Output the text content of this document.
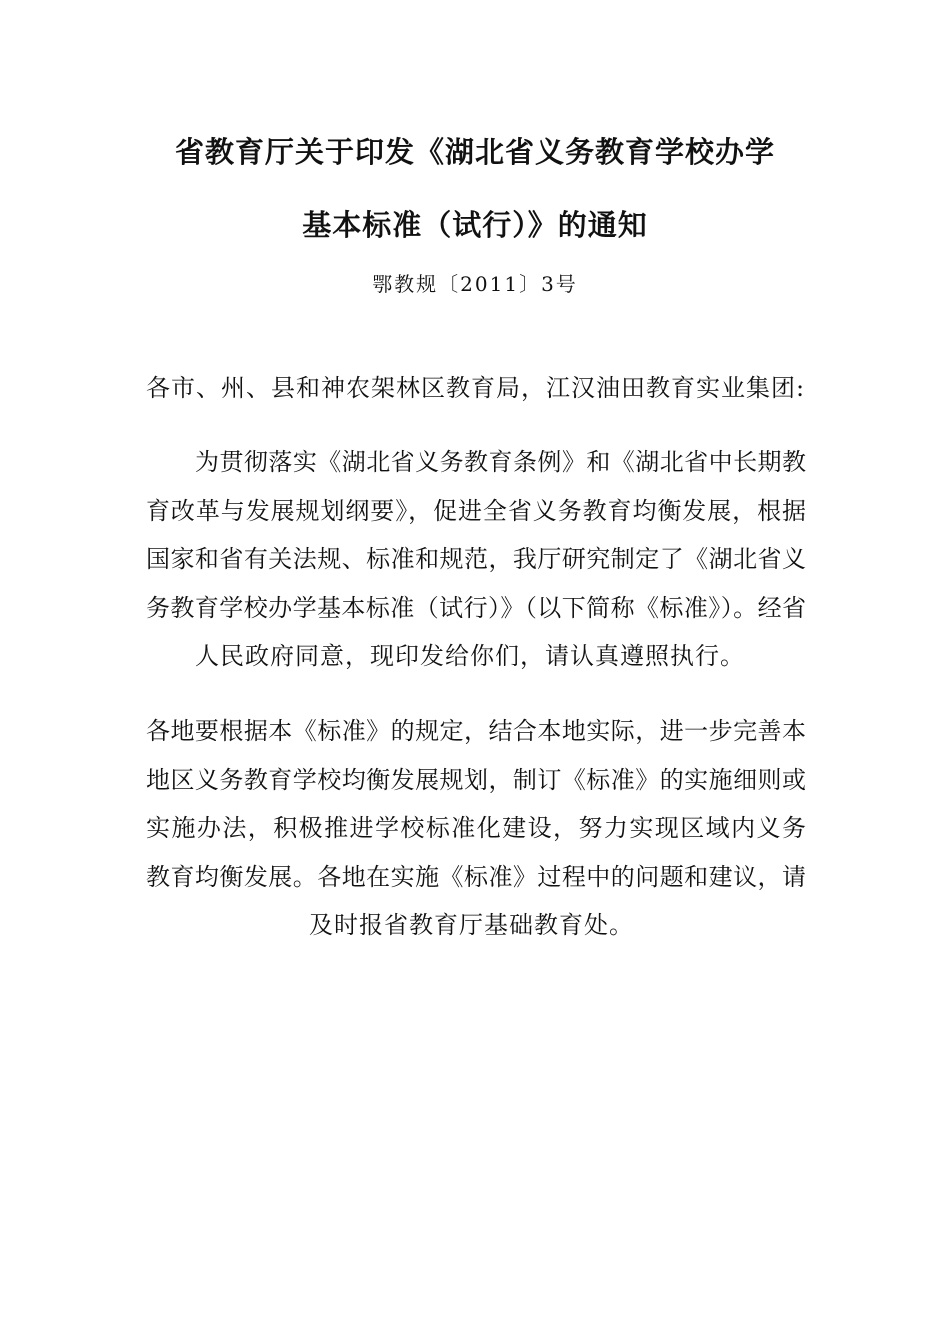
省教育厅关于印发《湖北省义务教育学校办学
基本标准（试行）》的通知
鄂教规〔2011〕3号
各市、州、县和神农架林区教育局，江汉油田教育实业集团:
为贯彻落实《湖北省义务教育条例》和《湖北省中长期教
育改革与发展规划纲要》，促进全省义务教育均衡发展，根据
国家和省有关法规、标准和规范，我厅研究制定了《湖北省义
务教育学校办学基本标准（试行）》（以下简称《标准》）。经省
人民政府同意，现印发给你们，请认真遵照执行。
各地要根据本《标准》的规定，结合本地实际，进一步完善本
地区义务教育学校均衡发展规划，制订《标准》的实施细则或
实施办法，积极推进学校标准化建设，努力实现区域内义务
教育均衡发展。各地在实施《标准》过程中的问题和建议，请
及时报省教育厅基础教育处。
